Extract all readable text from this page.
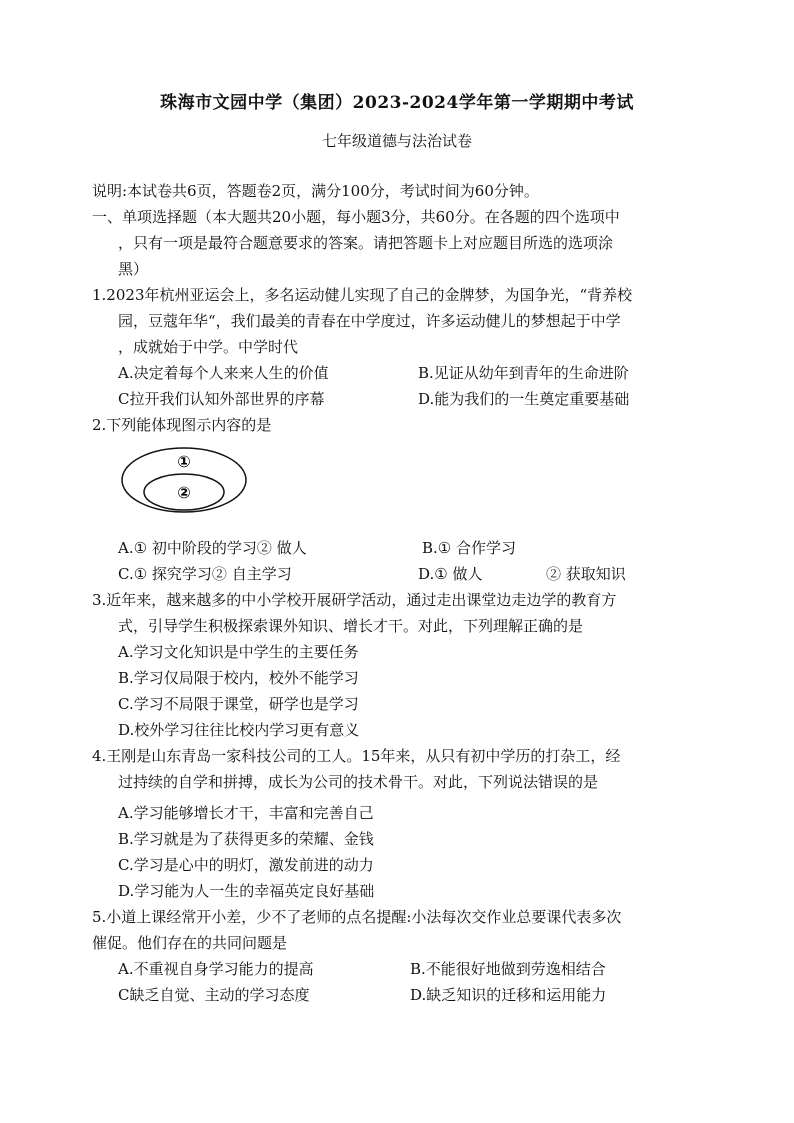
珠海市文园中学（集团）2023-2024学年第一学期期中考试
七年级道德与法治试卷
说明:本试卷共6页，答题卷2页，满分100分，考试时间为60分钟。
一、单项选择题（本大题共20小题，每小题3分，共60分。在各题的四个选项中
，只有一项是最符合题意要求的答案。请把答题卡上对应题目所选的选项涂
黑）
1.2023年杭州亚运会上，多名运动健儿实现了自己的金牌梦，为国争光，“背养校
园，豆蔻年华“，我们最美的青春在中学度过，许多运动健儿的梦想起于中学
，成就始于中学。中学时代
A.决定着每个人来来人生的价值	B.见证从幼年到青年的生命进阶
C拉开我们认知外部世界的序幕	D.能为我们的一生奠定重要基础
2.下列能体现图示内容的是
①
②
A.① 初中阶段的学习② 做人	B.① 合作学习
C.① 探究学习② 自主学习	D.① 做人	② 获取知识
3.近年来，越来越多的中小学校开展研学活动，通过走出课堂边走边学的教育方
式，引导学生积极探索课外知识、增长才干。对此，下列理解正确的是
A.学习文化知识是中学生的主要任务
B.学习仅局限于校内，校外不能学习
C.学习不局限于课堂，研学也是学习
D.校外学习往往比校内学习更有意义
4.王刚是山东青岛一家科技公司的工人。15年来，从只有初中学历的打杂工，经
过持续的自学和拼搏，成长为公司的技术骨干。对此，下列说法错误的是
A.学习能够增长才干，丰富和完善自己
B.学习就是为了获得更多的荣耀、金钱
C.学习是心中的明灯，激发前进的动力
D.学习能为人一生的幸福英定良好基础
5.小道上课经常开小差，少不了老师的点名提醒:小法每次交作业总要课代表多次
催促。他们存在的共同问题是
A.不重视自身学习能力的提高	B.不能很好地做到劳逸相结合
C缺乏自觉、主动的学习态度	D.缺乏知识的迁移和运用能力
